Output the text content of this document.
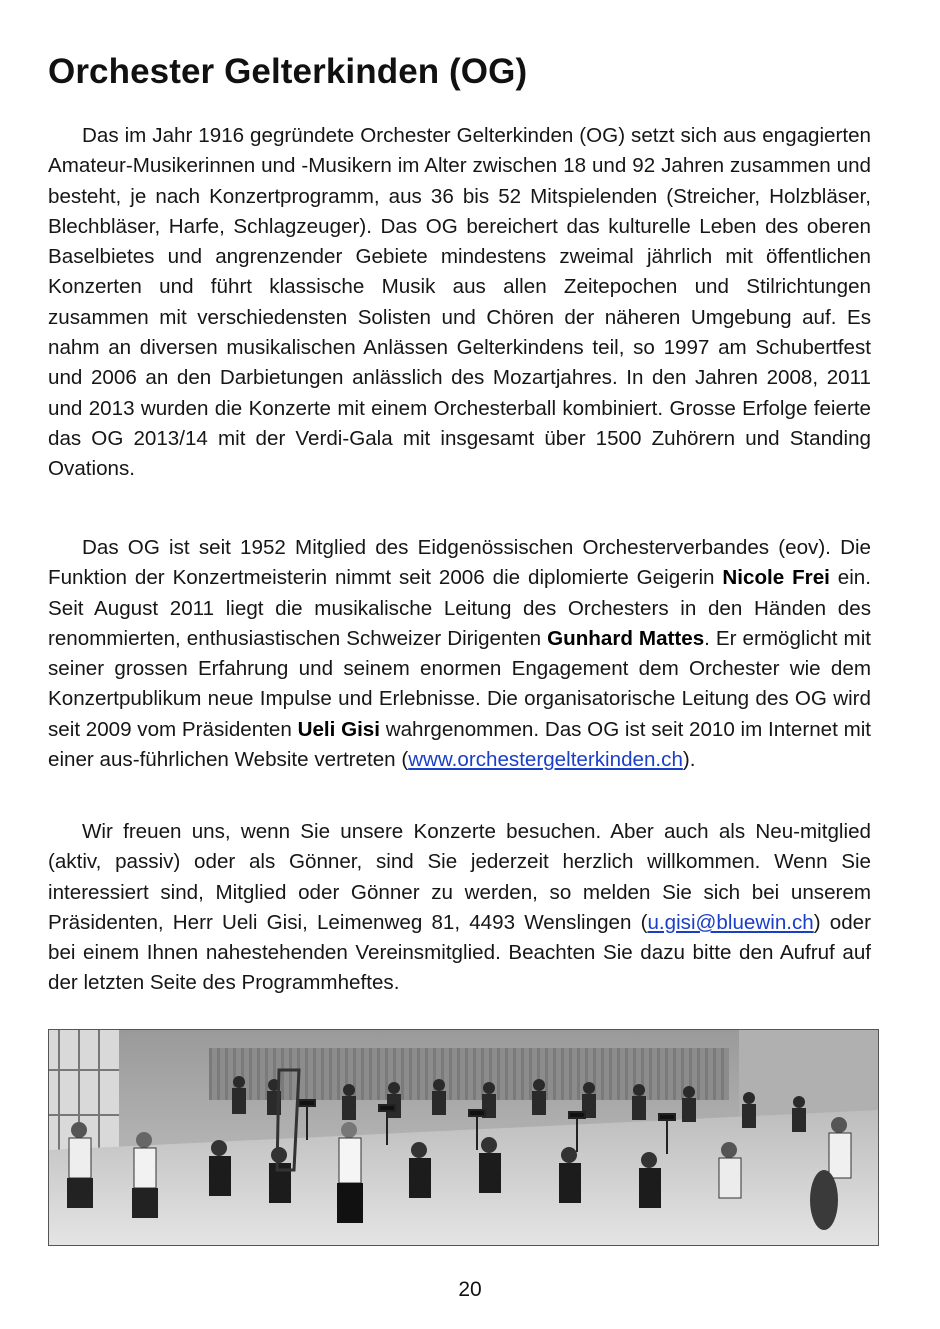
Orchester Gelterkinden (OG)

Das im Jahr 1916 gegründete Orchester Gelterkinden (OG) setzt sich aus engagierten Amateur-Musikerinnen und -Musikern im Alter zwischen 18 und 92 Jahren zusammen und besteht, je nach Konzertprogramm, aus 36 bis 52 Mitspielenden (Streicher, Holzbläser, Blechbläser, Harfe, Schlagzeuger). Das OG bereichert das kulturelle Leben des oberen Baselbietes und angrenzender Gebiete mindestens zweimal jährlich mit öffentlichen Konzerten und führt klassische Musik aus allen Zeitepochen und Stilrichtungen zusammen mit verschiedensten Solisten und Chören der näheren Umgebung auf. Es nahm an diversen musikalischen Anlässen Gelterkindens teil, so 1997 am Schubertfest und 2006 an den Darbietungen anlässlich des Mozartjahres. In den Jahren 2008, 2011 und 2013 wurden die Konzerte mit einem Orchesterball kombiniert. Grosse Erfolge feierte das OG 2013/14 mit der Verdi-Gala mit insgesamt über 1500 Zuhörern und Standing Ovations.

Das OG ist seit 1952 Mitglied des Eidgenössischen Orchesterverbandes (eov). Die Funktion der Konzertmeisterin nimmt seit 2006 die diplomierte Geigerin Nicole Frei ein. Seit August 2011 liegt die musikalische Leitung des Orchesters in den Händen des renommierten, enthusiastischen Schweizer Dirigenten Gunhard Mattes. Er ermöglicht mit seiner grossen Erfahrung und seinem enormen Engagement dem Orchester wie dem Konzertpublikum neue Impulse und Erlebnisse. Die organisatorische Leitung des OG wird seit 2009 vom Präsidenten Ueli Gisi wahrgenommen. Das OG ist seit 2010 im Internet mit einer aus-führlichen Website vertreten (www.orchestergelterkinden.ch).

Wir freuen uns, wenn Sie unsere Konzerte besuchen. Aber auch als Neu-mitglied (aktiv, passiv) oder als Gönner, sind Sie jederzeit herzlich willkommen. Wenn Sie interessiert sind, Mitglied oder Gönner zu werden, so melden Sie sich bei unserem Präsidenten, Herr Ueli Gisi, Leimenweg 81, 4493 Wenslingen (u.gisi@bluewin.ch) oder bei einem Ihnen nahestehenden Vereinsmitglied. Beachten Sie dazu bitte den Aufruf auf der letzten Seite des Programmheftes.

20
